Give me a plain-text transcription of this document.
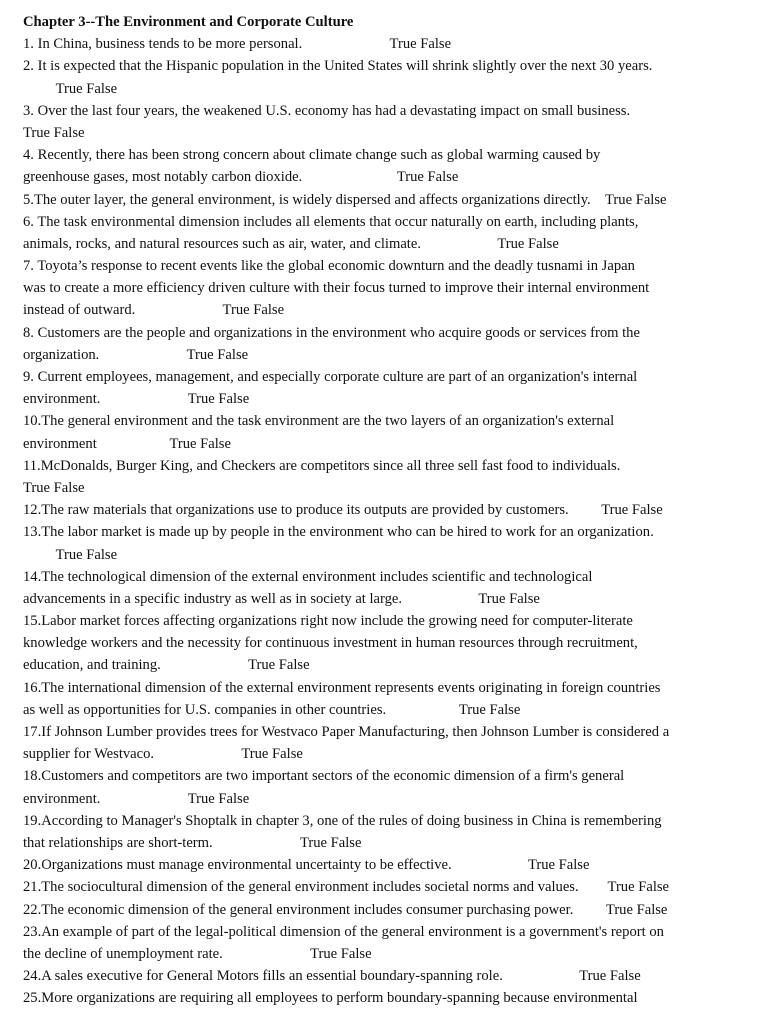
Chapter 3--The Environment and Corporate Culture
1. In China, business tends to be more personal.                        True False
2. It is expected that the Hispanic population in the United States will shrink slightly over the next 30 years.
True False
3. Over the last four years, the weakened U.S. economy has had a devastating impact on small business.
True False
4. Recently, there has been strong concern about climate change such as global warming caused by
greenhouse gases, most notably carbon dioxide.                          True False
5.The outer layer, the general environment, is widely dispersed and affects organizations directly.    True False
6. The task environmental dimension includes all elements that occur naturally on earth, including plants,
animals, rocks, and natural resources such as air, water, and climate.                     True False
7. Toyota’s response to recent events like the global economic downturn and the deadly tusnami in Japan
was to create a more efficiency driven culture with their focus turned to improve their internal environment
instead of outward.                        True False
8. Customers are the people and organizations in the environment who acquire goods or services from the
organization.                        True False
9. Current employees, management, and especially corporate culture are part of an organization's internal
environment.                        True False
10.The general environment and the task environment are the two layers of an organization's external
environment                    True False
11.McDonalds, Burger King, and Checkers are competitors since all three sell fast food to individuals.
True False
12.The raw materials that organizations use to produce its outputs are provided by customers.         True False
13.The labor market is made up by people in the environment who can be hired to work for an organization.
True False
14.The technological dimension of the external environment includes scientific and technological
advancements in a specific industry as well as in society at large.                     True False
15.Labor market forces affecting organizations right now include the growing need for computer-literate
knowledge workers and the necessity for continuous investment in human resources through recruitment,
education, and training.                        True False
16.The international dimension of the external environment represents events originating in foreign countries
as well as opportunities for U.S. companies in other countries.                    True False
17.If Johnson Lumber provides trees for Westvaco Paper Manufacturing, then Johnson Lumber is considered a
supplier for Westvaco.                        True False
18.Customers and competitors are two important sectors of the economic dimension of a firm's general
environment.                        True False
19.According to Manager's Shoptalk in chapter 3, one of the rules of doing business in China is remembering
that relationships are short-term.                        True False
20.Organizations must manage environmental uncertainty to be effective.                     True False
21.The sociocultural dimension of the general environment includes societal norms and values.        True False
22.The economic dimension of the general environment includes consumer purchasing power.         True False
23.An example of part of the legal-political dimension of the general environment is a government's report on
the decline of unemployment rate.                        True False
24.A sales executive for General Motors fills an essential boundary-spanning role.                     True False
25.More organizations are requiring all employees to perform boundary-spanning because environmental
